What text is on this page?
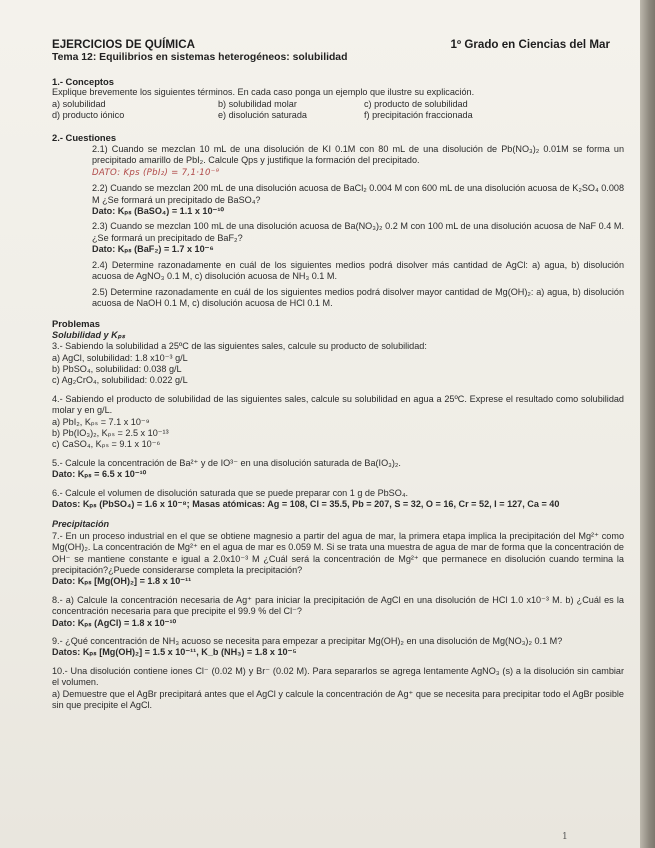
EJERCICIOS DE QUÍMICA	1º Grado en Ciencias del Mar
Tema 12: Equilibrios en sistemas heterogéneos: solubilidad
1.- Conceptos

Explique brevemente los siguientes términos. En cada caso ponga un ejemplo que ilustre su explicación.

a) solubilidad	b) solubilidad molar	c) producto de solubilidad
d) producto iónico	e) disolución saturada	f) precipitación fraccionada
2.- Cuestiones

2.1) Cuando se mezclan 10 mL de una disolución de KI 0.1M con 80 mL de una disolución de Pb(NO₃)₂ 0.01M se forma un precipitado amarillo de PbI₂. Calcule Qps y justifique la formación del precipitado.

DATO: Kps (PbI₂) = 7,1·10⁻⁹

2.2) Cuando se mezclan 200 mL de una disolución acuosa de BaCl₂ 0.004 M con 600 mL de una disolución acuosa de K₂SO₄ 0.008 M ¿Se formará un precipitado de BaSO₄?

Dato: Kₚₛ (BaSO₄) = 1.1 x 10⁻¹⁰

2.3) Cuando se mezclan 100 mL de una disolución acuosa de Ba(NO₃)₂ 0.2 M con 100 mL de una disolución acuosa de NaF 0.4 M. ¿Se formará un precipitado de BaF₂?

Dato: Kₚₛ (BaF₂) = 1.7 x 10⁻⁶

2.4) Determine razonadamente en cuál de los siguientes medios podrá disolver más cantidad de AgCl: a) agua, b) disolución acuosa de AgNO₃ 0.1 M, c) disolución acuosa de NH₃ 0.1 M.

2.5) Determine razonadamente en cuál de los siguientes medios podrá disolver mayor cantidad de Mg(OH)₂: a) agua, b) disolución acuosa de NaOH 0.1 M, c) disolución acuosa de HCl 0.1 M.

Problemas
Solubilidad y Kₚₛ

3.- Sabiendo la solubilidad a 25ºC de las siguientes sales, calcule su producto de solubilidad:

a) AgCl, solubilidad: 1.8 x10⁻³ g/L
b) PbSO₄, solubilidad: 0.038 g/L
c) Ag₂CrO₄, solubilidad: 0.022 g/L

4.- Sabiendo el producto de solubilidad de las siguientes sales, calcule su solubilidad en agua a 25ºC. Exprese el resultado como solubilidad molar y en g/L.

a) PbI₂, Kₚₛ = 7.1 x 10⁻⁹
b) Pb(IO₃)₂, Kₚₛ = 2.5 x 10⁻¹³
c) CaSO₄, Kₚₛ = 9.1 x 10⁻⁶

5.- Calcule la concentración de Ba²⁺ y de IO³⁻ en una disolución saturada de Ba(IO₃)₂.

Dato: Kₚₛ = 6.5 x 10⁻¹⁰

6.- Calcule el volumen de disolución saturada que se puede preparar con 1 g de PbSO₄.

Datos: Kₚₛ (PbSO₄) = 1.6 x 10⁻⁸; Masas atómicas: Ag = 108, Cl = 35.5, Pb = 207, S = 32, O = 16, Cr = 52, I = 127, Ca = 40
Precipitación

7.- En un proceso industrial en el que se obtiene magnesio a partir del agua de mar, la primera etapa implica la precipitación del Mg²⁺ como Mg(OH)₂. La concentración de Mg²⁺ en el agua de mar es 0.059 M. Si se trata una muestra de agua de mar de forma que la concentración de OH⁻ se mantiene constante e igual a 2.0x10⁻³ M ¿Cuál será la concentración de Mg²⁺ que permanece en disolución cuando termina la precipitación?¿Puede considerarse completa la precipitación?

Dato: Kₚₛ [Mg(OH)₂] = 1.8 x 10⁻¹¹

8.- a) Calcule la concentración necesaria de Ag⁺ para iniciar la precipitación de AgCl en una disolución de HCl 1.0 x10⁻³ M. b) ¿Cuál es la concentración necesaria para que precipite el 99.9 % del Cl⁻?

Dato: Kₚₛ (AgCl) = 1.8 x 10⁻¹⁰

9.- ¿Qué concentración de NH₃ acuoso se necesita para empezar a precipitar Mg(OH)₂ en una disolución de Mg(NO₃)₂ 0.1 M?

Datos: Kₚₛ [Mg(OH)₂] = 1.5 x 10⁻¹¹, K_b (NH₃) = 1.8 x 10⁻⁵

10.- Una disolución contiene iones Cl⁻ (0.02 M) y Br⁻ (0.02 M). Para separarlos se agrega lentamente AgNO₃ (s) a la disolución sin cambiar el volumen.

a) Demuestre que el AgBr precipitará antes que el AgCl y calcule la concentración de Ag⁺ que se necesita para precipitar todo el AgBr posible sin que precipite el AgCl.

1
